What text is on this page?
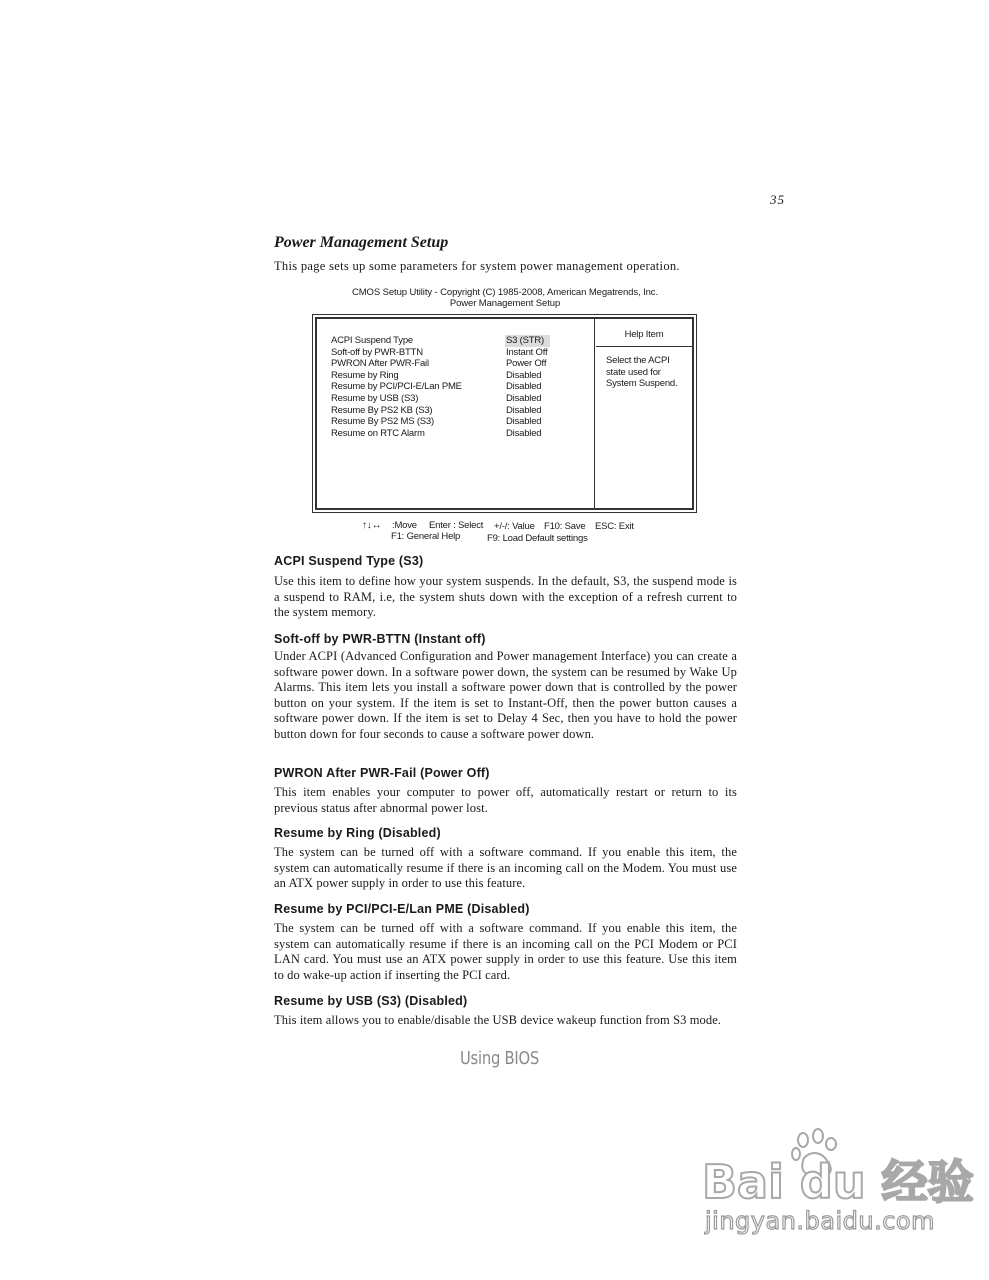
35
Power Management Setup
This page sets up some parameters for system power management operation.
CMOS Setup Utility - Copyright (C) 1985-2008, American Megatrends, Inc.
Power Management Setup
ACPI Suspend Type	S3 (STR)
Soft-off by PWR-BTTN	Instant Off
PWRON After PWR-Fail	Power Off
Resume by Ring	Disabled
Resume by PCI/PCI-E/Lan PME	Disabled
Resume by USB (S3)	Disabled
Resume By PS2 KB (S3)	Disabled
Resume By PS2 MS (S3)	Disabled
Resume on RTC Alarm	Disabled
Help Item
Select the ACPI state used for System Suspend.
↑↓↔ :Move Enter : Select +/-/: Value F10: Save ESC: Exit
F1: General Help	F9: Load Default settings
ACPI Suspend Type (S3)
Use this item to define how your system suspends. In the default, S3, the suspend mode is a suspend to RAM, i.e, the system shuts down with the exception of a refresh current to the system memory.
Soft-off by PWR-BTTN (Instant off)
Under ACPI (Advanced Configuration and Power management Interface) you can create a software power down. In a software power down, the system can be resumed by Wake Up Alarms. This item lets you install a software power down that is controlled by the power button on your system. If the item is set to Instant-Off, then the power button causes a software power down. If the item is set to Delay 4 Sec, then you have to hold the power button down for four seconds to cause a software power down.
PWRON After PWR-Fail (Power Off)
This item enables your computer to power off, automatically restart or return to its previous status after abnormal power lost.
Resume by Ring (Disabled)
The system can be turned off with a software command. If you enable this item, the system can automatically resume if there is an incoming call on the Modem. You must use an ATX power supply in order to use this feature.
Resume by PCI/PCI-E/Lan PME (Disabled)
The system can be turned off with a software command. If you enable this item, the system can automatically resume if there is an incoming call on the PCI Modem or PCI LAN card. You must use an ATX power supply in order to use this feature. Use this item to do wake-up action if inserting the PCI card.
Resume by USB (S3) (Disabled)
This item allows you to enable/disable the USB device wakeup function from S3 mode.
Using BIOS
Bai du 经验
jingyan.baidu.com
